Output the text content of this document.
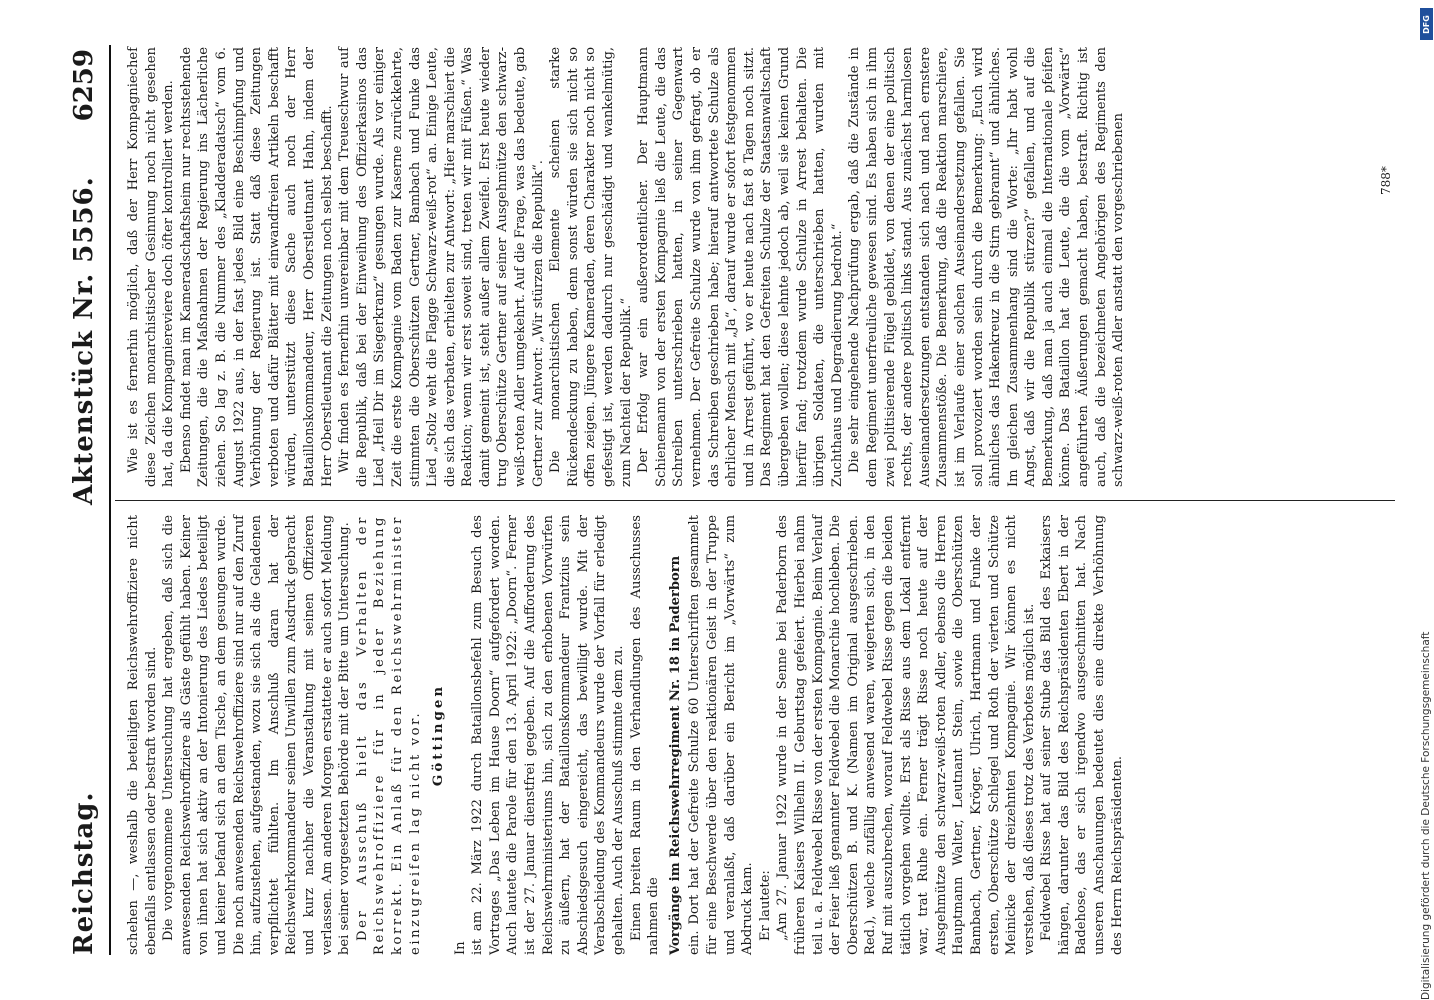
Reichstag.
Aktenstück Nr. 5556.
6259

schehen —, weshalb die beteiligten Reichswehroffiziere nicht ebenfalls entlassen oder bestraft worden sind. Die vorgenommene Untersuchung hat ergeben, daß sich die anwesenden Reichswehroffiziere als Gäste gefühlt haben. Keiner von ihnen hat sich aktiv an der Intonierung des Liedes beteiligt und keiner befand sich an dem Tische, an dem gesungen wurde. Die noch anwesenden Reichswehroffiziere sind nur auf den Zuruf hin, aufzustehen, aufgestanden, wozu sie sich als die Geladenen verpflichtet fühlten. Im Anschluß daran hat der Reichswehrkommandeur seinen Unwillen zum Ausdruck gebracht und kurz nachher die Veranstaltung mit seinen Offizieren verlassen. Am anderen Morgen erstattete er auch sofort Meldung bei seiner vorgesetzten Behörde mit der Bitte um Untersuchung. Der Ausschuß hielt das Verhalten der Reichswehroffiziere für in jeder Beziehung korrekt. Ein Anlaß für den Reichswehrminister einzugreifen lag nicht vor. Göttingen

In ist am 22. März 1922 durch Bataillonsbefehl zum Besuch des Vortrages „Das Leben im Hause Doorn“ aufgefordert worden. Auch lautete die Parole für den 13. April 1922: „Doorn“. Ferner ist der 27. Januar dienstfrei gegeben. Auf die Aufforderung des Reichswehrministeriums hin, sich zu den erhobenen Vorwürfen zu äußern, hat der Bataillonskommandeur Frantzius sein Abschiedsgesuch eingereicht, das bewilligt wurde. Mit der Verabschiedung des Kommandeurs wurde der Vorfall für erledigt gehalten. Auch der Ausschuß stimmte dem zu. Einen breiten Raum in den Verhandlungen des Ausschusses nahmen die Vorgänge im Reichswehrregiment Nr. 18 in Paderborn ein. Dort hat der Gefreite Schulze 60 Unterschriften gesammelt für eine Beschwerde über den reaktionären Geist in der Truppe und veranlaßt, daß darüber ein Bericht im „Vorwärts“ zum Abdruck kam. Er lautete: „Am 27. Januar 1922 wurde in der Senne bei Paderborn des früheren Kaisers Wilhelm II. Geburtstag gefeiert. Hierbei nahm teil u. a. Feldwebel Risse von der ersten Kompagnie. Beim Verlauf der Feier ließ genannter Feldwebel die Monarchie hochleben. Die Oberschützen B. und K. (Namen im Original ausgeschrieben. Red.), welche zufällig anwesend waren, weigerten sich, in den Ruf mit auszubrechen, worauf Feldwebel Risse gegen die beiden tätlich vorgehen wollte. Erst als Risse aus dem Lokal entfernt war, trat Ruhe ein. Ferner trägt Risse noch heute auf der Ausgehmütze den schwarz-weiß-roten Adler, ebenso die Herren Hauptmann Walter, Leutnant Stein, sowie die Oberschützen Bambach, Gertner, Kröger, Ulrich, Hartmann und Funke der ersten, Oberschütze Schlegel und Roth der vierten und Schütze Meinicke der dreizehnten Kompagnie. Wir können es nicht verstehen, daß dieses trotz des Verbotes möglich ist. Feldwebel Risse hat auf seiner Stube das Bild des Exkaisers hängen, darunter das Bild des Reichspräsidenten Ebert in der Badehose, das er sich irgendwo ausgeschnitten hat. Nach unseren Anschauungen bedeutet dies eine direkte Verhöhnung des Herrn Reichspräsidenten.

Wie ist es fernerhin möglich, daß der Herr Kompagniechef diese Zeichen monarchistischer Gesinnung noch nicht gesehen hat, da die Kompagniereviere doch öfter kontrolliert werden. Ebenso findet man im Kameradschaftsheim nur rechtsstehende Zeitungen, die die Maßnahmen der Regierung ins Lächerliche ziehen. So lag z. B. die Nummer des „Kladderadatsch“ vom 6. August 1922 aus, in der fast jedes Bild eine Beschimpfung und Verhöhnung der Regierung ist. Statt daß diese Zeitungen verboten und dafür Blätter mit einwandfreien Artikeln beschafft würden, unterstützt diese Sache auch noch der Herr Bataillonskommandeur, Herr Oberstleutnant Hahn, indem der Herr Oberstleutnant die Zeitungen noch selbst beschafft. Wir finden es fernerhin unvereinbar mit dem Treueschwur auf die Republik, daß bei der Einweihung des Offizierkasinos das Lied „Heil Dir im Siegerkranz“ gesungen wurde. Als vor einiger Zeit die erste Kompagnie vom Baden zur Kaserne zurückkehrte, stimmten die Oberschützen Gertner, Bambach und Funke das Lied „Stolz weht die Flagge Schwarz-weiß-rot“ an. Einige Leute, die sich das verbaten, erhielten zur Antwort: „Hier marschiert die Reaktion; wenn wir erst soweit sind, treten wir mit Füßen.“ Was damit gemeint ist, steht außer allem Zweifel. Erst heute wieder trug Oberschütze Gertner auf seiner Ausgehmütze den schwarz-weiß-roten Adler umgekehrt. Auf die Frage, was das bedeute, gab Gertner zur Antwort: „Wir stürzen die Republik“. Die monarchistischen Elemente scheinen starke Rückendeckung zu haben, denn sonst würden sie sich nicht so offen zeigen. Jüngere Kameraden, deren Charakter noch nicht so gefestigt ist, werden dadurch nur geschädigt und wankelmütig, zum Nachteil der Republik.“ Der Erfolg war ein außerordentlicher. Der Hauptmann Schienemann von der ersten Kompagnie ließ die Leute, die das Schreiben unterschrieben hatten, in seiner Gegenwart vernehmen. Der Gefreite Schulze wurde von ihm gefragt, ob er das Schreiben geschrieben habe; hierauf antwortete Schulze als ehrlicher Mensch mit „Ja“, darauf wurde er sofort festgenommen und in Arrest geführt, wo er heute nach fast 8 Tagen noch sitzt. Das Regiment hat den Gefreiten Schulze der Staatsanwaltschaft übergeben wollen; diese lehnte jedoch ab, weil sie keinen Grund hierfür fand; trotzdem wurde Schulze in Arrest behalten. Die übrigen Soldaten, die unterschrieben hatten, wurden mit Zuchthaus und Degradierung bedroht.“ Die sehr eingehende Nachprüfung ergab, daß die Zustände in dem Regiment unerfreuliche gewesen sind. Es haben sich in ihm zwei politisierende Flügel gebildet, von denen der eine politisch rechts, der andere politisch links stand. Aus zunächst harmlosen Auseinandersetzungen entstanden sich nach und nach ernstere Zusammenstöße. Die Bemerkung, daß die Reaktion marschiere, ist im Verlaufe einer solchen Auseinandersetzung gefallen. Sie soll provoziert worden sein durch die Bemerkung: „Euch wird ähnliches das Hakenkreuz in die Stirn gebrannt“ und ähnliches. Im gleichen Zusammenhang sind die Worte: „Ihr habt wohl Angst, daß wir die Republik stürzen?“ gefallen, und auf die Bemerkung, daß man ja auch einmal die Internationale pfeifen könne. Das Bataillon hat die Leute, die die vom „Vorwärts“ angeführten Äußerungen gemacht haben, bestraft. Richtig ist auch, daß die bezeichneten Angehörigen des Regiments den schwarz-weiß-roten Adler anstatt den vorgeschriebenen	788*
DFG
Digitalisierung gefördert durch die Deutsche Forschungsgemeinschaft
